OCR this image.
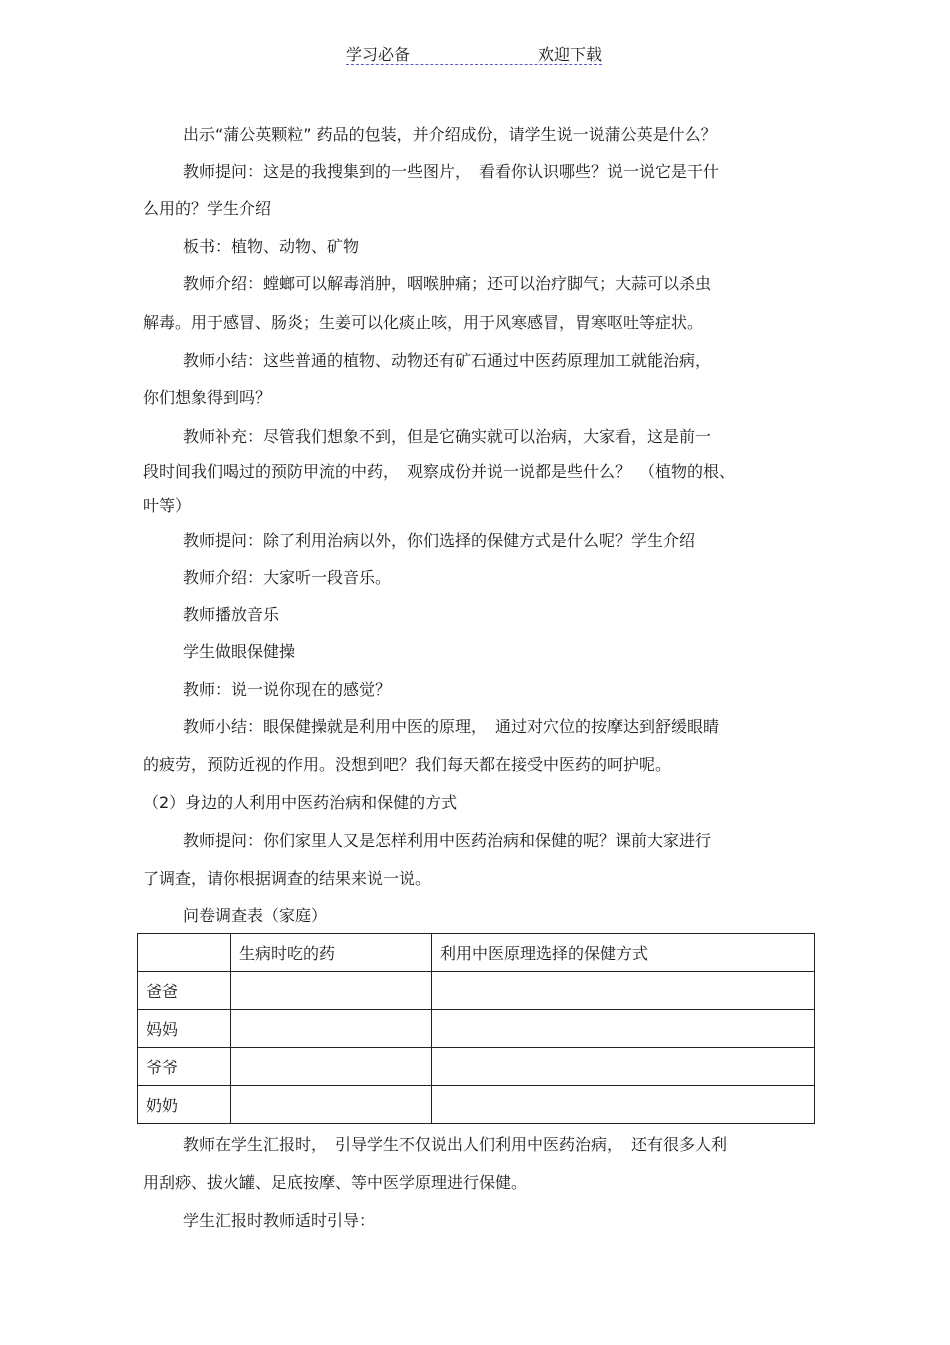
学习必备	欢迎下载
出示“蒲公英颗粒” 药品的包装，并介绍成份，请学生说一说蒲公英是什么？
教师提问：这是的我搜集到的一些图片，　看看你认识哪些？说一说它是干什
么用的？学生介绍
板书：植物、动物、矿物
教师介绍：螳螂可以解毒消肿，咽喉肿痛；还可以治疗脚气；大蒜可以杀虫
解毒。用于感冒、肠炎；生姜可以化痰止咳，用于风寒感冒，胃寒呕吐等症状。
教师小结：这些普通的植物、动物还有矿石通过中医药原理加工就能治病，
你们想象得到吗？
教师补充：尽管我们想象不到，但是它确实就可以治病，大家看，这是前一
段时间我们喝过的预防甲流的中药，　观察成份并说一说都是些什么？　（植物的根、
叶等）
教师提问：除了利用治病以外，你们选择的保健方式是什么呢？学生介绍
教师介绍：大家听一段音乐。
教师播放音乐
学生做眼保健操
教师：说一说你现在的感觉？
教师小结：眼保健操就是利用中医的原理，　通过对穴位的按摩达到舒缓眼睛
的疲劳，预防近视的作用。没想到吧？我们每天都在接受中医药的呵护呢。
（2）身边的人利用中医药治病和保健的方式
教师提问：你们家里人又是怎样利用中医药治病和保健的呢？课前大家进行
了调查，请你根据调查的结果来说一说。
问卷调查表（家庭）
	生病时吃的药	利用中医原理选择的保健方式
爸爸		
妈妈		
爷爷		
奶奶		
教师在学生汇报时，　引导学生不仅说出人们利用中医药治病，　还有很多人利
用刮痧、拔火罐、足底按摩、等中医学原理进行保健。
学生汇报时教师适时引导：
